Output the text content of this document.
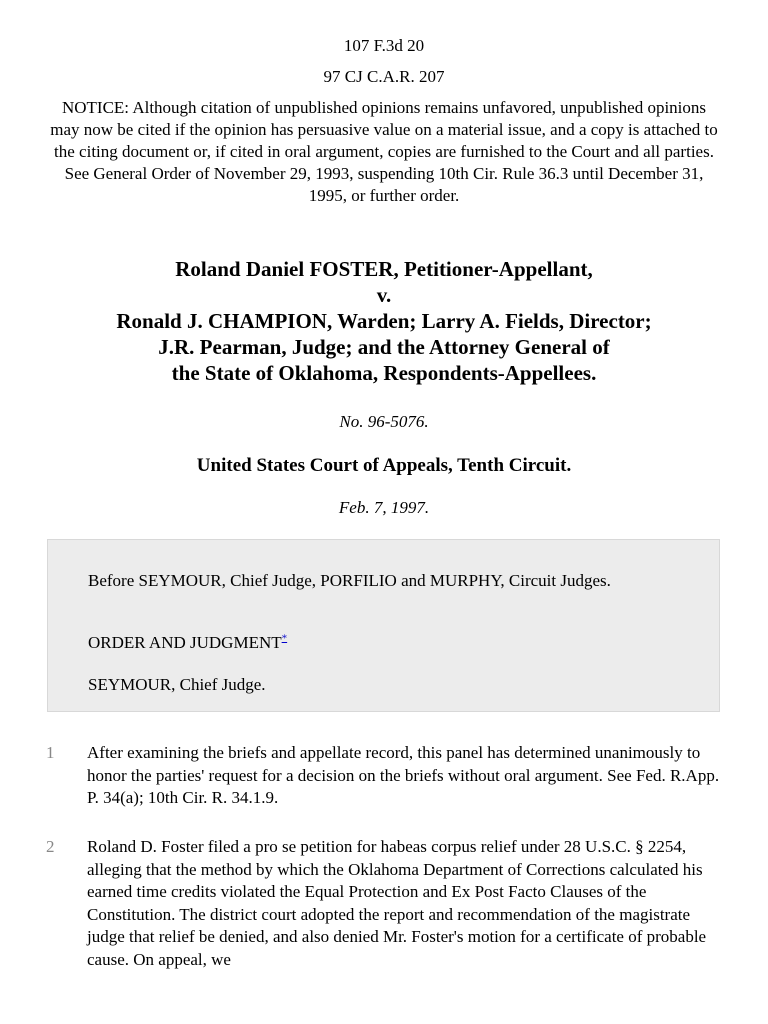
107 F.3d 20
97 CJ C.A.R. 207
NOTICE: Although citation of unpublished opinions remains unfavored, unpublished opinions may now be cited if the opinion has persuasive value on a material issue, and a copy is attached to the citing document or, if cited in oral argument, copies are furnished to the Court and all parties. See General Order of November 29, 1993, suspending 10th Cir. Rule 36.3 until December 31, 1995, or further order.
Roland Daniel FOSTER, Petitioner-Appellant,
v.
Ronald J. CHAMPION, Warden; Larry A. Fields, Director;
J.R. Pearman, Judge; and the Attorney General of
the State of Oklahoma, Respondents-Appellees.
No. 96-5076.
United States Court of Appeals, Tenth Circuit.
Feb. 7, 1997.

Before SEYMOUR, Chief Judge, PORFILIO and MURPHY, Circuit Judges.

ORDER AND JUDGMENT*

SEYMOUR, Chief Judge.

1 After examining the briefs and appellate record, this panel has determined unanimously to honor the parties' request for a decision on the briefs without oral argument. See Fed. R.App. P. 34(a); 10th Cir. R. 34.1.9.

2 Roland D. Foster filed a pro se petition for habeas corpus relief under 28 U.S.C. § 2254, alleging that the method by which the Oklahoma Department of Corrections calculated his earned time credits violated the Equal Protection and Ex Post Facto Clauses of the Constitution. The district court adopted the report and recommendation of the magistrate judge that relief be denied, and also denied Mr. Foster's motion for a certificate of probable cause. On appeal, we
